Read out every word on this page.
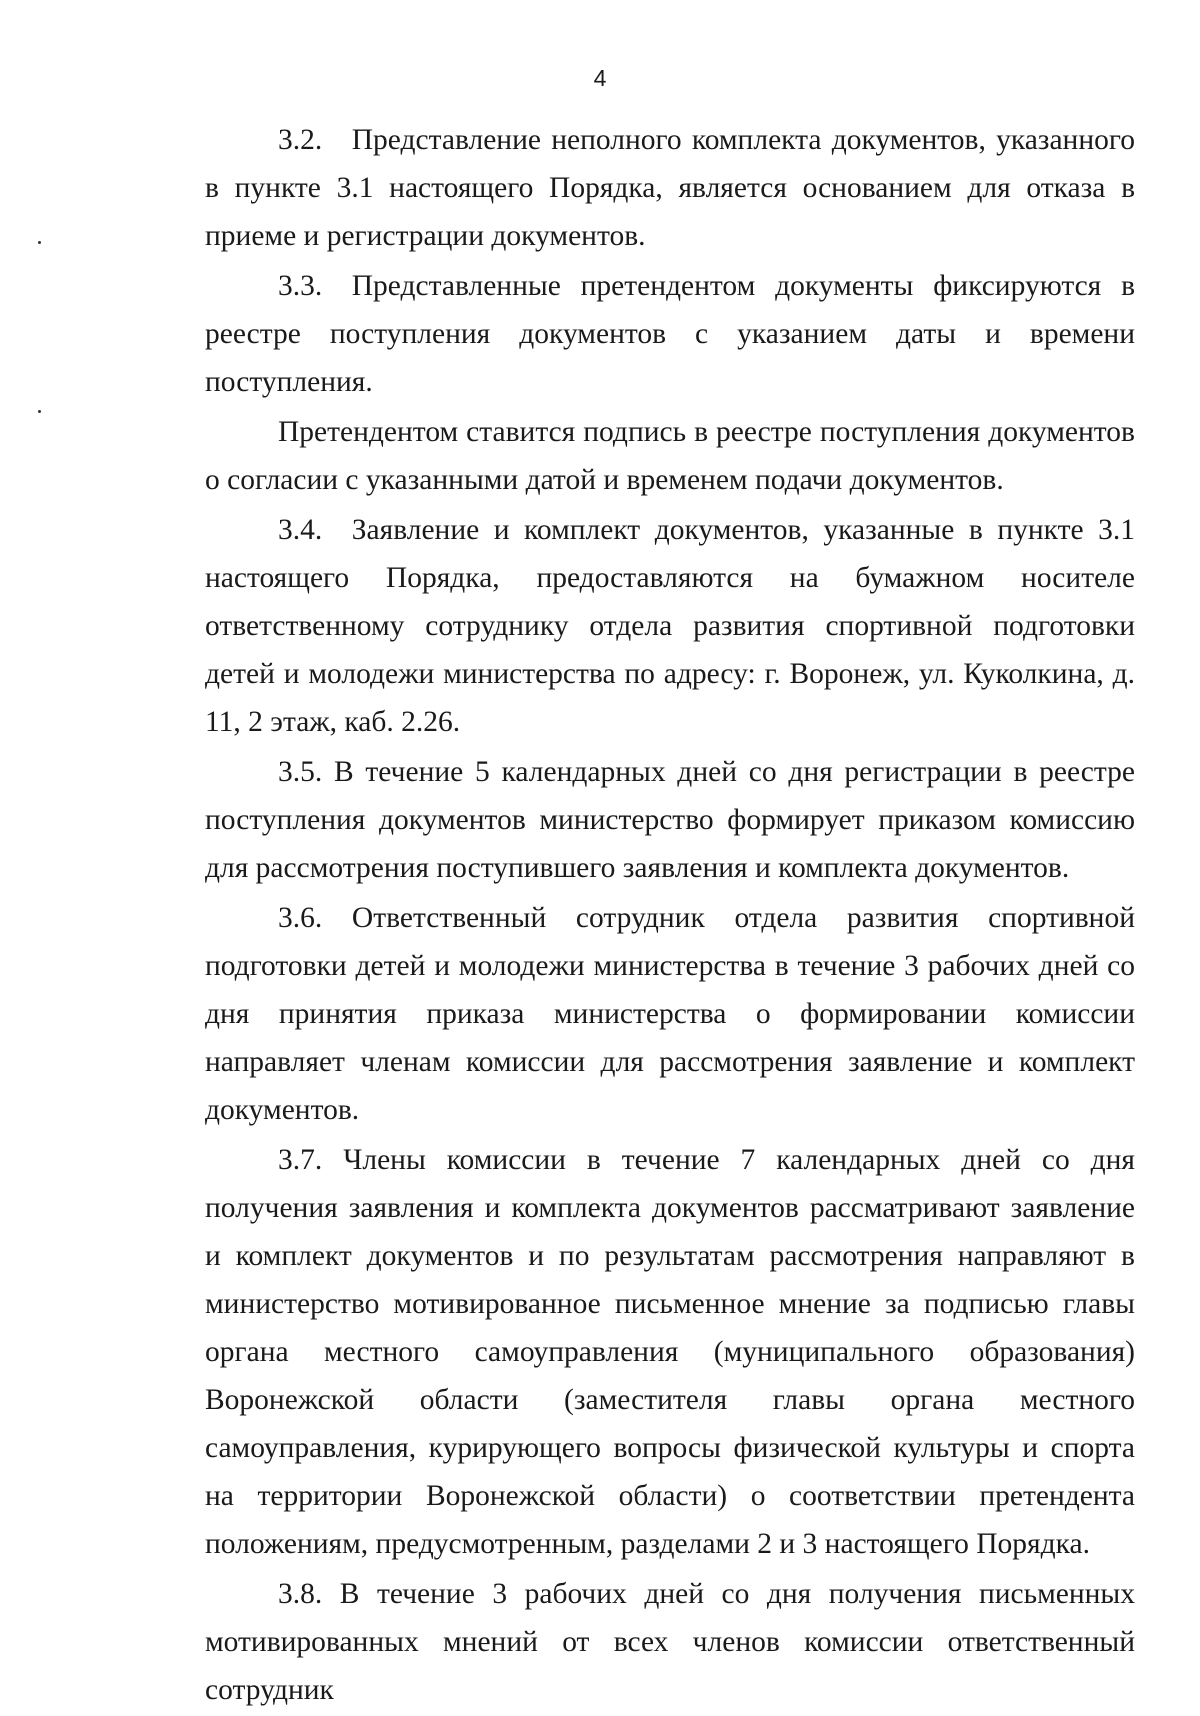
4

3.2. Представление неполного комплекта документов, указанного в пункте 3.1 настоящего Порядка, является основанием для отказа в приеме и регистрации документов.

3.3. Представленные претендентом документы фиксируются в реестре поступления документов с указанием даты и времени поступления.

Претендентом ставится подпись в реестре поступления документов о согласии с указанными датой и временем подачи документов.

3.4. Заявление и комплект документов, указанные в пункте 3.1 настоящего Порядка, предоставляются на бумажном носителе ответственному сотруднику отдела развития спортивной подготовки детей и молодежи министерства по адресу: г. Воронеж, ул. Куколкина, д. 11, 2 этаж, каб. 2.26.

3.5. В течение 5 календарных дней со дня регистрации в реестре поступления документов министерство формирует приказом комиссию для рассмотрения поступившего заявления и комплекта документов.

3.6. Ответственный сотрудник отдела развития спортивной подготовки детей и молодежи министерства в течение 3 рабочих дней со дня принятия приказа министерства о формировании комиссии направляет членам комиссии для рассмотрения заявление и комплект документов.

3.7. Члены комиссии в течение 7 календарных дней со дня получения заявления и комплекта документов рассматривают заявление и комплект документов и по результатам рассмотрения направляют в министерство мотивированное письменное мнение за подписью главы органа местного самоуправления (муниципального образования) Воронежской области (заместителя главы органа местного самоуправления, курирующего вопросы физической культуры и спорта на территории Воронежской области) о соответствии претендента положениям, предусмотренным, разделами 2 и 3 настоящего Порядка.

3.8. В течение 3 рабочих дней со дня получения письменных мотивированных мнений от всех членов комиссии ответственный сотрудник
